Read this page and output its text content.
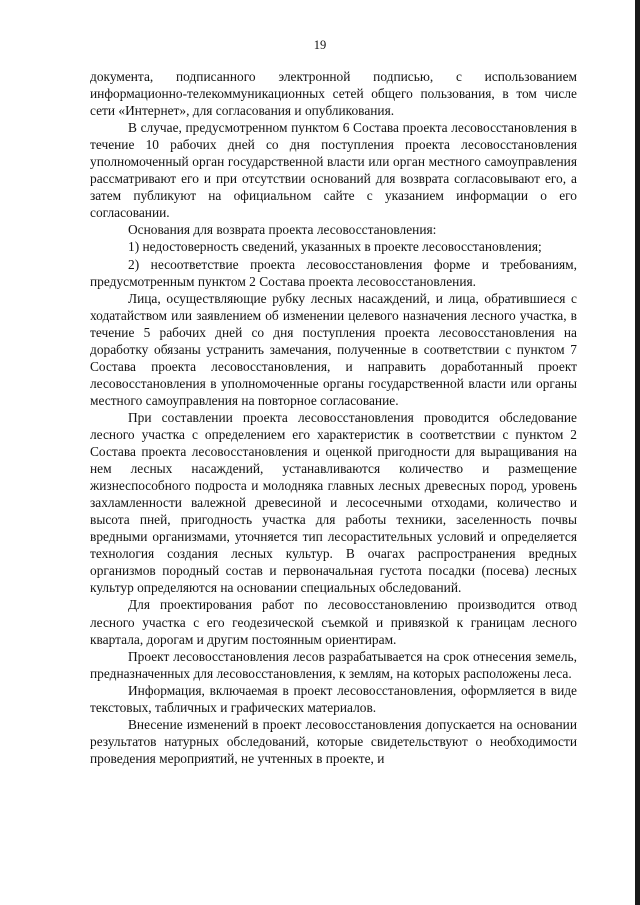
19

документа, подписанного электронной подписью, с использованием информационно-телекоммуникационных сетей общего пользования, в том числе сети «Интернет», для согласования и опубликования.

В случае, предусмотренном пунктом 6 Состава проекта лесовосстановления в течение 10 рабочих дней со дня поступления проекта лесовосстановления уполномоченный орган государственной власти или орган местного самоуправления рассматривают его и при отсутствии оснований для возврата согласовывают его, а затем публикуют на официальном сайте с указанием информации о его согласовании.

Основания для возврата проекта лесовосстановления:

1) недостоверность сведений, указанных в проекте лесовосстановления;

2) несоответствие проекта лесовосстановления форме и требованиям, предусмотренным пунктом 2 Состава проекта лесовосстановления.

Лица, осуществляющие рубку лесных насаждений, и лица, обратившиеся с ходатайством или заявлением об изменении целевого назначения лесного участка, в течение 5 рабочих дней со дня поступления проекта лесовосстановления на доработку обязаны устранить замечания, полученные в соответствии с пунктом 7 Состава проекта лесовосстановления, и направить доработанный проект лесовосстановления в уполномоченные органы государственной власти или органы местного самоуправления на повторное согласование.

При составлении проекта лесовосстановления проводится обследование лесного участка с определением его характеристик в соответствии с пунктом 2 Состава проекта лесовосстановления и оценкой пригодности для выращивания на нем лесных насаждений, устанавливаются количество и размещение жизнеспособного подроста и молодняка главных лесных древесных пород, уровень захламленности валежной древесиной и лесосечными отходами, количество и высота пней, пригодность участка для работы техники, заселенность почвы вредными организмами, уточняется тип лесорастительных условий и определяется технология создания лесных культур. В очагах распространения вредных организмов породный состав и первоначальная густота посадки (посева) лесных культур определяются на основании специальных обследований.

Для проектирования работ по лесовосстановлению производится отвод лесного участка с его геодезической съемкой и привязкой к границам лесного квартала, дорогам и другим постоянным ориентирам.

Проект лесовосстановления лесов разрабатывается на срок отнесения земель, предназначенных для лесовосстановления, к землям, на которых расположены леса.

Информация, включаемая в проект лесовосстановления, оформляется в виде текстовых, табличных и графических материалов.

Внесение изменений в проект лесовосстановления допускается на основании результатов натурных обследований, которые свидетельствуют о необходимости проведения мероприятий, не учтенных в проекте, и
